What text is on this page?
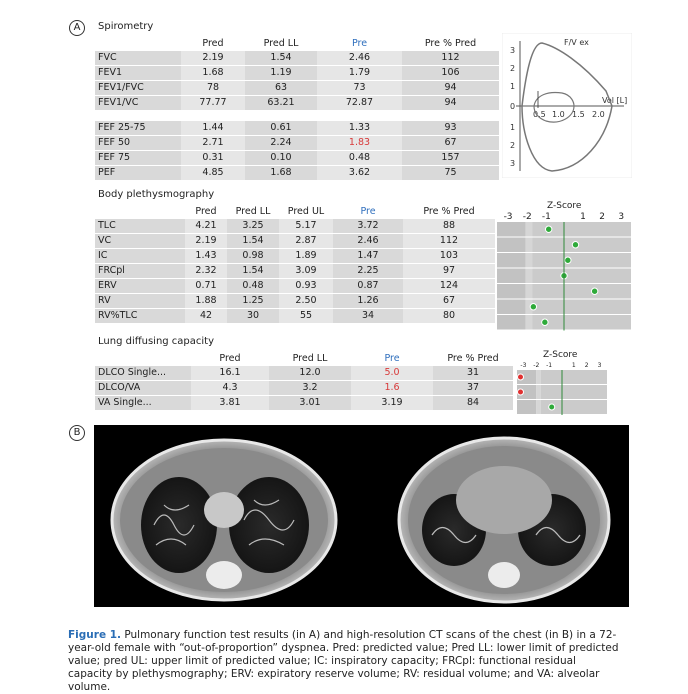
A	Spirometry
	Pred	Pred LL	Pre	Pre % Pred
FVC	2.19	1.54	2.46	112
FEV1	1.68	1.19	1.79	106
FEV1/FVC	78	63	73	94
FEV1/VC	77.77	63.21	72.87	94
FEF 25-75	1.44	0.61	1.33	93
FEF 50	2.71	2.24	1.83	67
FEF 75	0.31	0.10	0.48	157
PEF	4.85	1.68	3.62	75
F/V ex
Vol [L]
3
2
1
0
1
2
3
0.5 1.0 1.5 2.0
Body plethysmography
	Pred	Pred LL	Pred UL	Pre	Pre % Pred
TLC	4.21	3.25	5.17	3.72	88
VC	2.19	1.54	2.87	2.46	112
IC	1.43	0.98	1.89	1.47	103
FRCpl	2.32	1.54	3.09	2.25	97
ERV	0.71	0.48	0.93	0.87	124
RV	1.88	1.25	2.50	1.26	67
RV%TLC	42	30	55	34	80
Z-Score
-3 -2 -1	1 2 3
Lung diffusing capacity
	Pred	Pred LL	Pre	Pre % Pred
DLCO Single...	16.1	12.0	5.0	31
DLCO/VA	4.3	3.2	1.6	37
VA Single...	3.81	3.01	3.19	84
Z-Score
-3 -2 -1	1 2 3
B
Figure 1. Pulmonary function test results (in A) and high-resolution CT scans of the chest (in B) in a 72-year-old female with “out-of-proportion” dyspnea. Pred: predicted value; Pred LL: lower limit of predicted value; pred UL: upper limit of predicted value; IC: inspiratory capacity; FRCpl: functional residual capacity by plethysmography; ERV: expiratory reserve volume; RV: residual volume; and VA: alveolar volume.
